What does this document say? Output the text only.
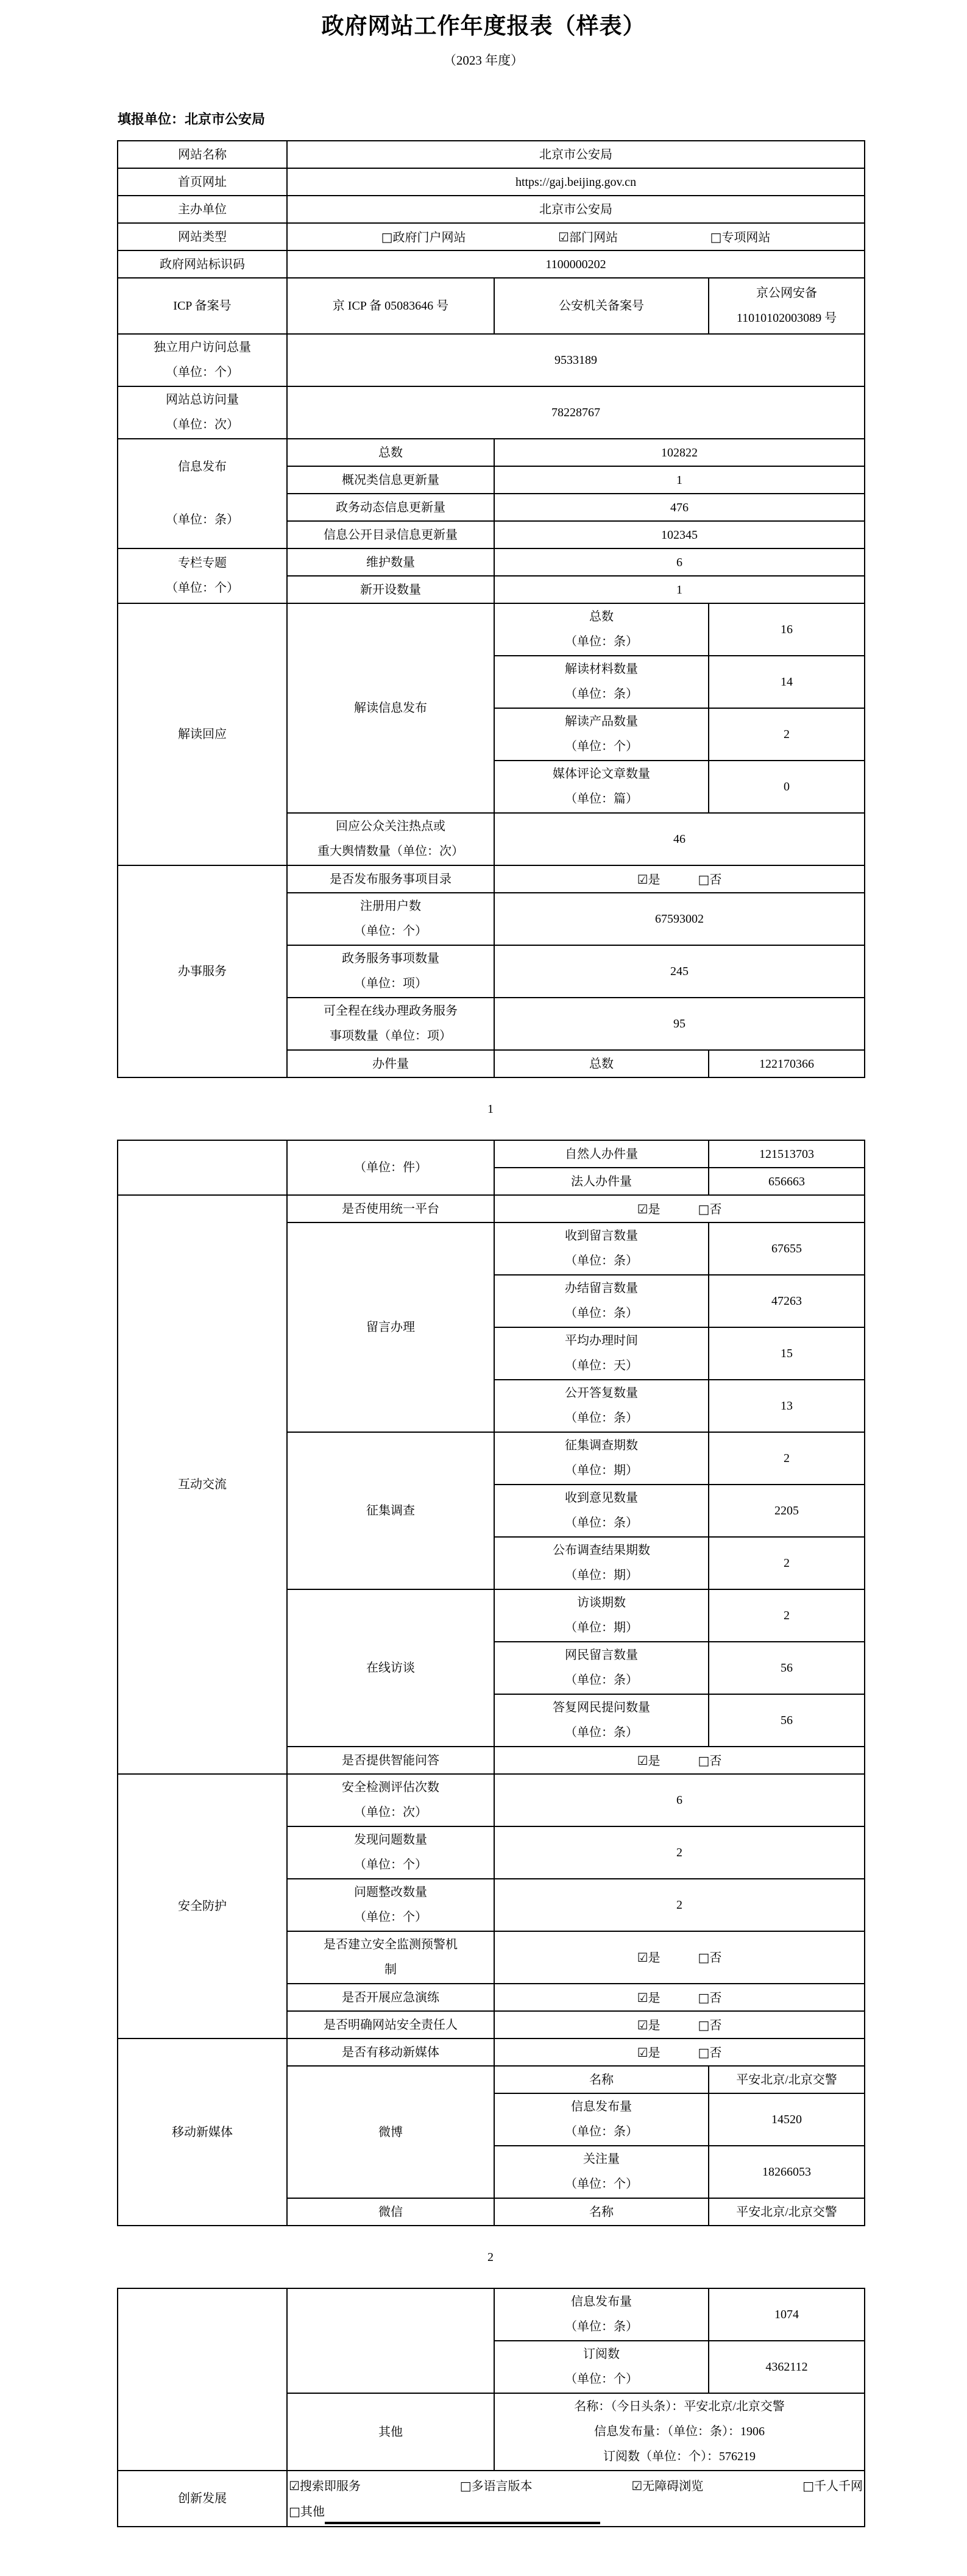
政府网站工作年度报表（样表）
（2023 年度）
填报单位：北京市公安局
网站名称	北京市公安局		
首页网址	https://gaj.beijing.gov.cn		
主办单位	北京市公安局		
网站类型	□政府门户网站 ☑部门网站 □专项网站		

政府网站标识码	1100000202		
ICP 备案号	京 ICP 备 05083646 号	公安机关备案号	京公网安备
11010102003089 号

独立用户访问总量
（单位：个）	9533189		

网站总访问量
（单位：次）	78228767		

信息发布
（单位：条）	总数	102822	
	概况类信息更新量	1	
	政务动态信息更新量	476	
	信息公开目录信息更新量	102345	

专栏专题
（单位：个）	维护数量	6	
	新开设数量	1	
解读回应	解读信息发布	总数
（单位：条）	16

		解读材料数量
（单位：条）	14

		解读产品数量
（单位：个）	2

		媒体评论文章数量
（单位：篇）	0

	回应公众关注热点或
重大舆情数量（单位：次）	46	
办事服务	是否发布服务事项目录	☑是 □否	

	注册用户数
（单位：个）	67593002	

	政务服务事项数量
（单位：项）	245	

	可全程在线办理政务服务
事项数量（单位：项）	95	
	办件量	总数	122170366
1
	（单位：件）	自然人办件量	121513703
		法人办件量	656663
互动交流	是否使用统一平台	☑是 □否	

	留言办理	收到留言数量
（单位：条）	67655

		办结留言数量
（单位：条）	47263

		平均办理时间
（单位：天）	15

		公开答复数量
（单位：条）	13
	征集调查	征集调查期数
（单位：期）	2

		收到意见数量
（单位：条）	2205

		公布调查结果期数
（单位：期）	2
	在线访谈	访谈期数
（单位：期）	2

		网民留言数量
（单位：条）	56

		答复网民提问数量
（单位：条）	56
	是否提供智能问答	☑是 □否	

安全防护	安全检测评估次数
（单位：次）	6	

	发现问题数量
（单位：个）	2	

	问题整改数量
（单位：个）	2	

	是否建立安全监测预警机
制	☑是 □否	

	是否开展应急演练	☑是 □否	

	是否明确网站安全责任人	☑是 □否	

移动新媒体	是否有移动新媒体	☑是 □否	

	微博	名称	平安北京/北京交警

		信息发布量
（单位：条）	14520

		关注量
（单位：个）	18266053
	微信	名称	平安北京/北京交警
2

		信息发布量
（单位：条）	1074

		订阅数
（单位：个）	4362112
	其他	名称：（今日头条）：平安北京/北京交警
信息发布量：（单位：条）：1906
订阅数（单位：个）：576219	

创新发展	☑搜索即服务 □多语言版本 ☑无障碍浏览 □千人千网
□其他		
